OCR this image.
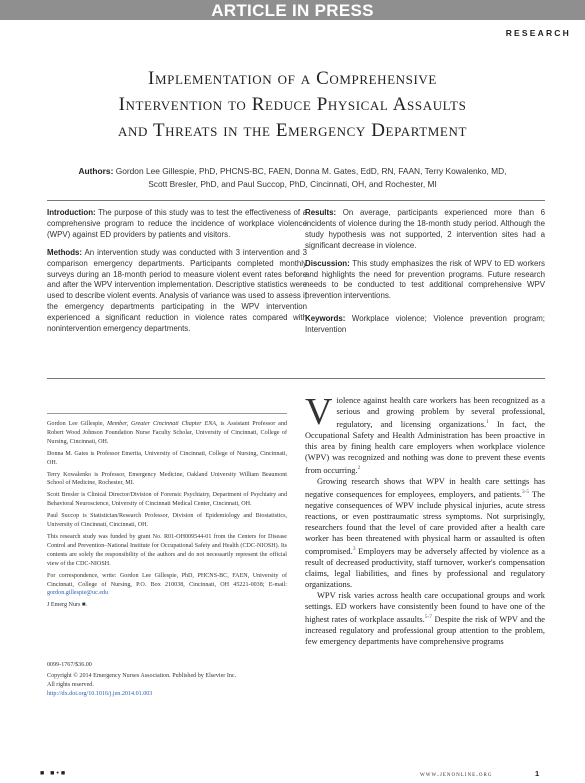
ARTICLE IN PRESS
RESEARCH
Implementation of a Comprehensive
Intervention to Reduce Physical Assaults
and Threats in the Emergency Department
Authors: Gordon Lee Gillespie, PhD, PHCNS-BC, FAEN, Donna M. Gates, EdD, RN, FAAN, Terry Kowalenko, MD,
Scott Bresler, PhD, and Paul Succop, PhD, Cincinnati, OH, and Rochester, MI

Introduction: The purpose of this study was to test the effectiveness of a comprehensive program to reduce the incidence of workplace violence (WPV) against ED providers by patients and visitors.

Methods: An intervention study was conducted with 3 intervention and 3 comparison emergency departments. Participants completed monthly surveys during an 18-month period to measure violent event rates before and after the WPV intervention implementation. Descriptive statistics were used to describe violent events. Analysis of variance was used to assess if the emergency departments participating in the WPV intervention experienced a significant reduction in violence rates compared with nonintervention emergency departments.

Results: On average, participants experienced more than 6 incidents of violence during the 18-month study period. Although the study hypothesis was not supported, 2 intervention sites had a significant decrease in violence.

Discussion: This study emphasizes the risk of WPV to ED workers and highlights the need for prevention programs. Future research needs to be conducted to test additional comprehensive WPV prevention interventions.

Keywords: Workplace violence; Violence prevention program; Intervention

Gordon Lee Gillespie, Member, Greater Cincinnati Chapter ENA, is Assistant Professor and Robert Wood Johnson Foundation Nurse Faculty Scholar, University of Cincinnati, College of Nursing, Cincinnati, OH.

Donna M. Gates is Professor Emerita, University of Cincinnati, College of Nursing, Cincinnati, OH.

Terry Kowalenko is Professor, Emergency Medicine, Oakland University William Beaumont School of Medicine, Rochester, MI.

Scott Bresler is Clinical Director/Division of Forensic Psychiatry, Department of Psychiatry and Behavioral Neuroscience, University of Cincinnati Medical Center, Cincinnati, OH.

Paul Succop is Statistician/Research Professor, Division of Epidemiology and Biostatistics, University of Cincinnati, Cincinnati, OH.

This research study was funded by grant No. R01-OH009544-01 from the Centers for Disease Control and Prevention–National Institute for Occupational Safety and Health (CDC-NIOSH). Its contents are solely the responsibility of the authors and do not necessarily represent the official view of the CDC-NIOSH.

For correspondence, write: Gordon Lee Gillespie, PhD, PHCNS-BC, FAEN, University of Cincinnati, College of Nursing, P.O. Box 210038, Cincinnati, OH 45221-0038; E-mail: gordon.gillespie@uc.edu

J Emerg Nurs ■.

0099-1767/$36.00

Copyright © 2014 Emergency Nurses Association. Published by Elsevier Inc.

All rights reserved.

http://dx.doi.org/10.1016/j.jen.2014.01.003

Violence against health care workers has been recognized as a serious and growing problem by several professional, regulatory, and licensing organizations.$^1$ In fact, the Occupational Safety and Health Administration has been proactive in this area by fining health care employers when workplace violence (WPV) was recognized and nothing was done to prevent these events from occurring.$^2$

Growing research shows that WPV in health care settings has negative consequences for employees, employers, and patients.$^{3-5}$ The negative consequences of WPV include physical injuries, acute stress reactions, or even posttraumatic stress symptoms. Not surprisingly, researchers found that the level of care provided after a health care worker has been threatened with physical harm or assaulted is often compromised.$^3$ Employers may be adversely affected by violence as a result of decreased productivity, staff turnover, worker's compensation claims, legal liabilities, and fines by professional and regulatory organizations.

WPV risk varies across health care occupational groups and work settings. ED workers have consistently been found to have one of the highest rates of workplace assaults.$^{5-7}$ Despite the risk of WPV and the increased regulatory and professional group attention to the problem, few emergency departments have comprehensive programs

■ ■•■	www.jenonline.org	1
